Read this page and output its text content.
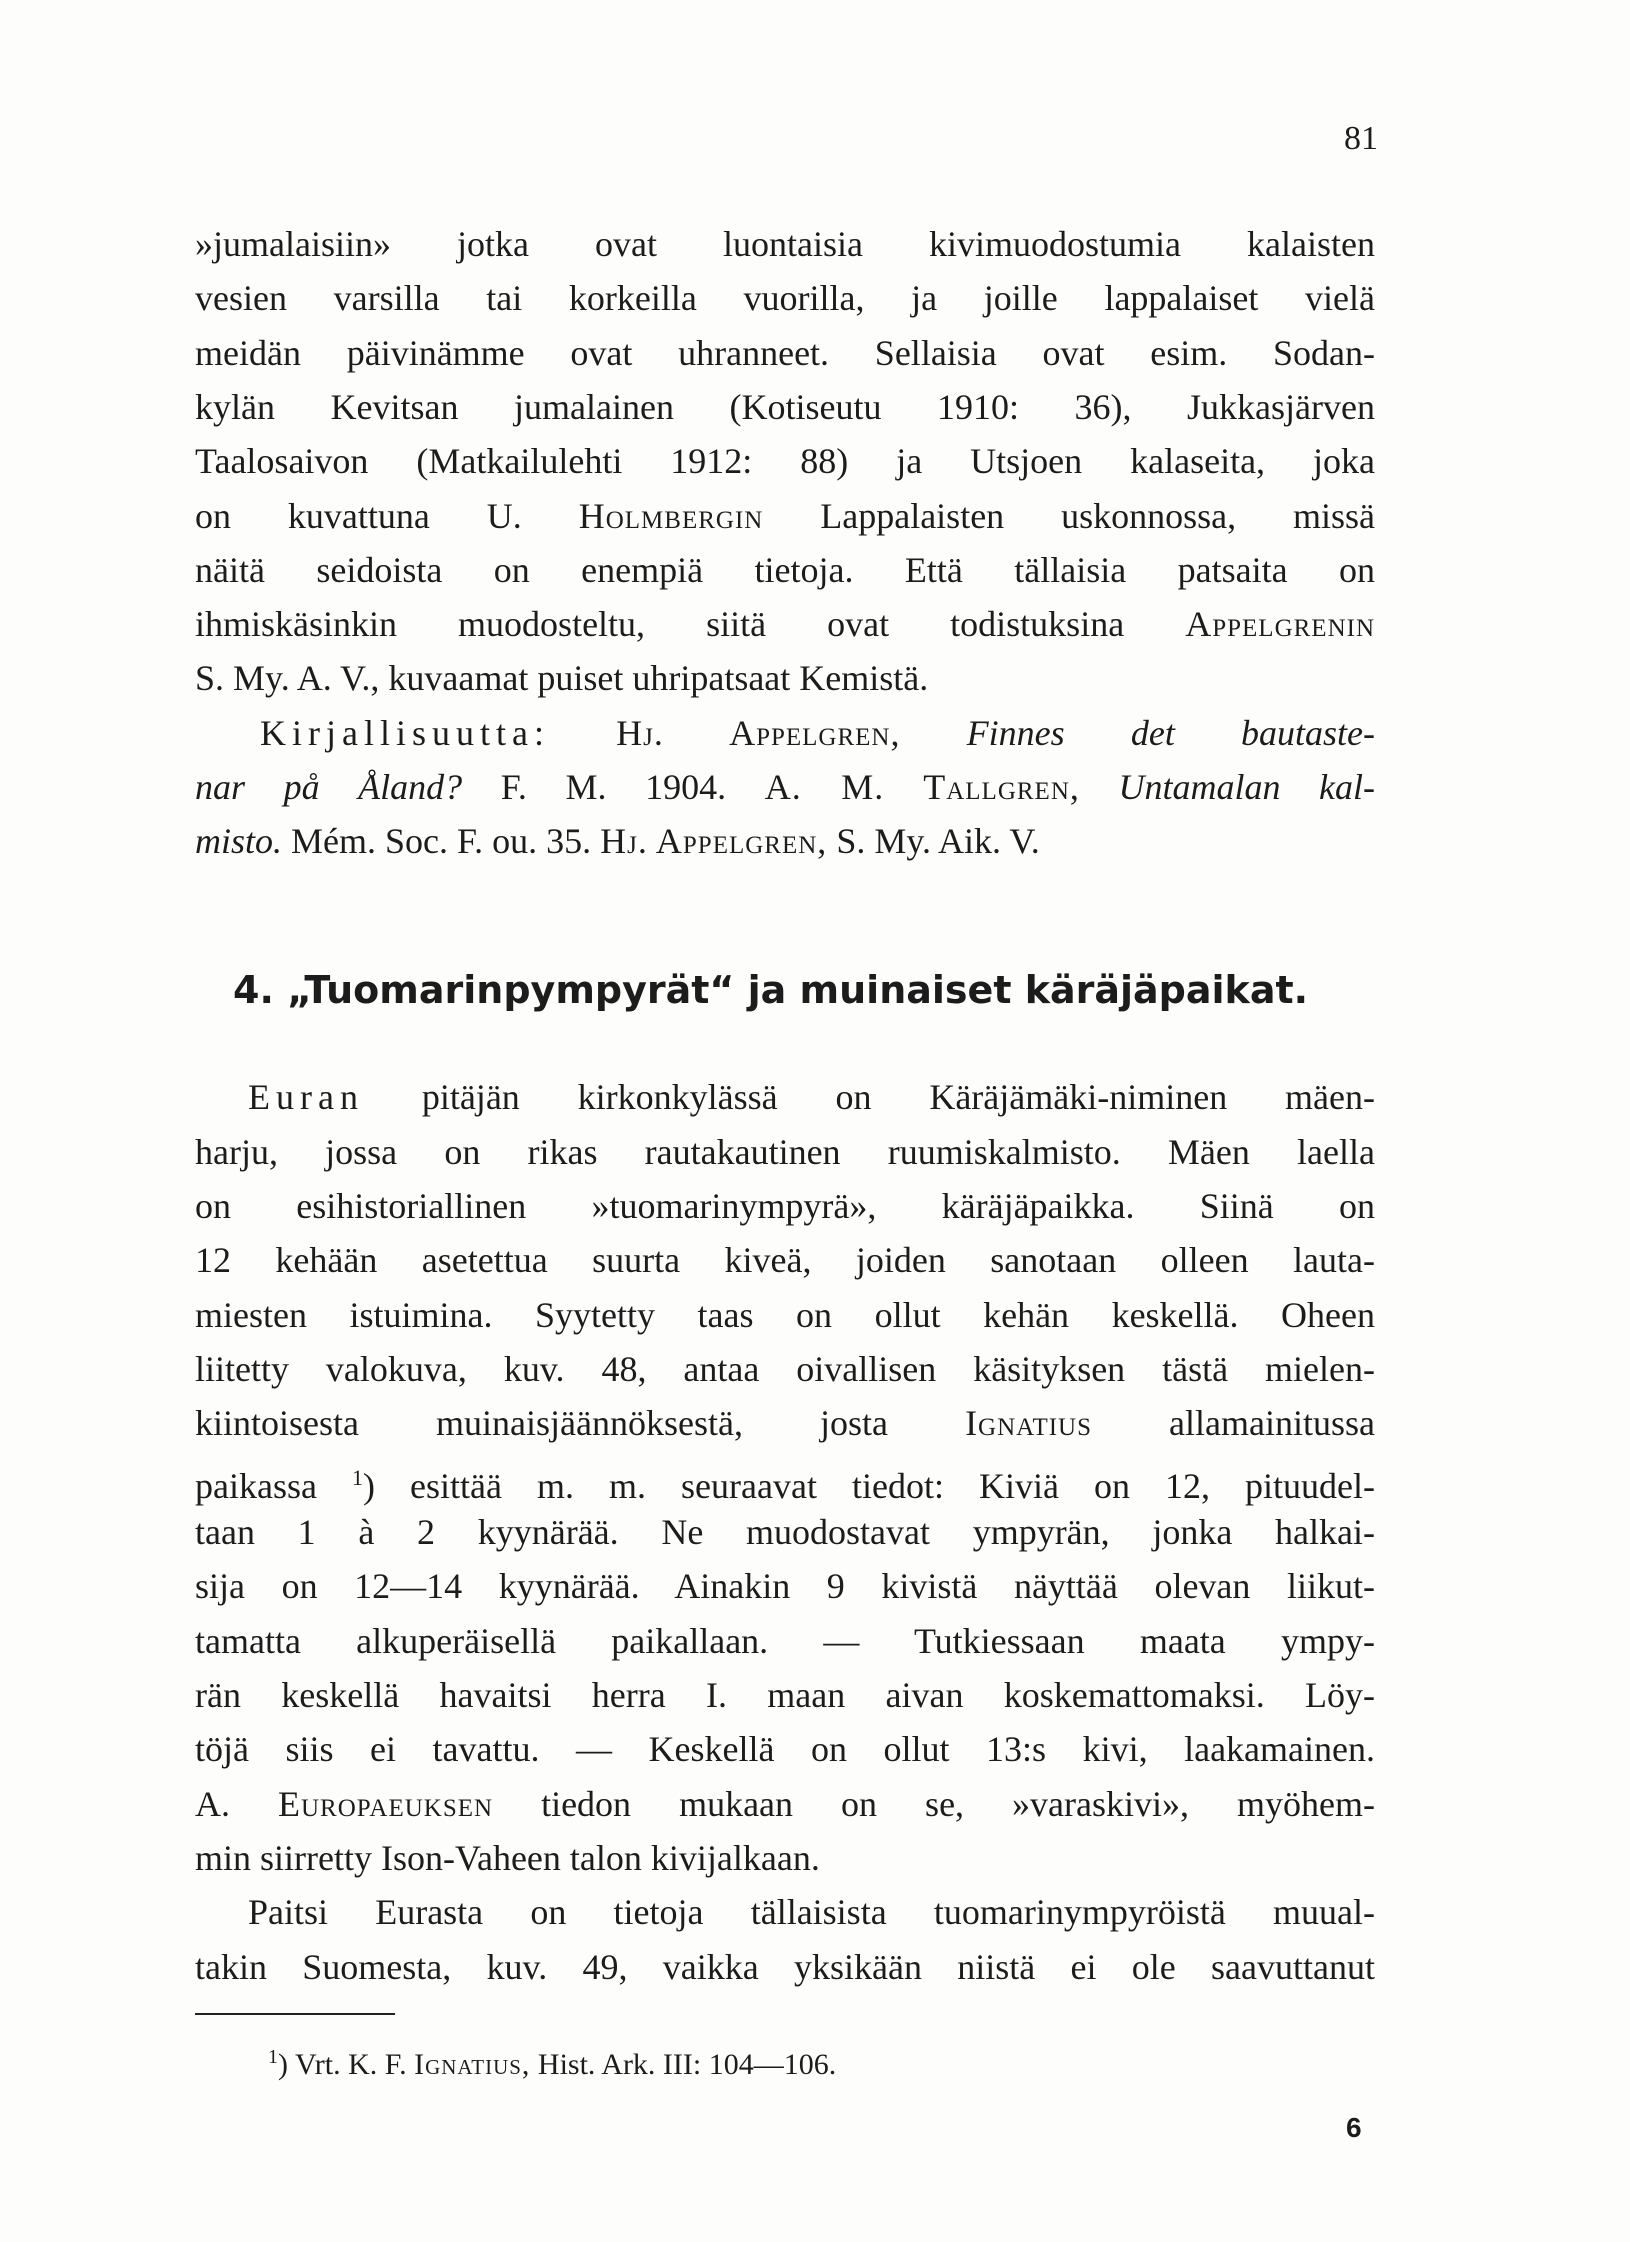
81
»jumalaisiin» jotka ovat luontaisia kivimuodostumia kalaisten
vesien varsilla tai korkeilla vuorilla, ja joille lappalaiset vielä
meidän päivinämme ovat uhranneet. Sellaisia ovat esim. Sodan-
kylän Kevitsan jumalainen (Kotiseutu 1910: 36), Jukkasjärven
Taalosaivon (Matkailulehti 1912: 88) ja Utsjoen kalaseita, joka
on kuvattuna U. Holmbergin Lappalaisten uskonnossa, missä
näitä seidoista on enempiä tietoja. Että tällaisia patsaita on
ihmiskäsinkin muodosteltu, siitä ovat todistuksina Appelgrenin
S. My. A. V., kuvaamat puiset uhripatsaat Kemistä.
Kirjallisuutta: Hj. Appelgren, Finnes det bautaste-
nar på Åland? F. M. 1904. A. M. Tallgren, Untamalan kal-
misto. Mém. Soc. F. ou. 35. Hj. Appelgren, S. My. Aik. V.
4. „Tuomarinpympyrät“ ja muinaiset käräjäpaikat.
Euran pitäjän kirkonkylässä on Käräjämäki-niminen mäen-
harju, jossa on rikas rautakautinen ruumiskalmisto. Mäen laella
on esihistoriallinen »tuomarinympyrä», käräjäpaikka. Siinä on
12 kehään asetettua suurta kiveä, joiden sanotaan olleen lauta-
miesten istuimina. Syytetty taas on ollut kehän keskellä. Oheen
liitetty valokuva, kuv. 48, antaa oivallisen käsityksen tästä mielen-
kiintoisesta muinaisjäännöksestä, josta Ignatius allamainitussa
paikassa $^1$) esittää m. m. seuraavat tiedot: Kiviä on 12, pituudel-
taan 1 à 2 kyynärää. Ne muodostavat ympyrän, jonka halkai-
sija on 12—14 kyynärää. Ainakin 9 kivistä näyttää olevan liikut-
tamatta alkuperäisellä paikallaan. — Tutkiessaan maata ympy-
rän keskellä havaitsi herra I. maan aivan koskemattomaksi. Löy-
töjä siis ei tavattu. — Keskellä on ollut 13:s kivi, laakamainen.
A. Europaeuksen tiedon mukaan on se, »varaskivi», myöhem-
min siirretty Ison-Vaheen talon kivijalkaan.
Paitsi Eurasta on tietoja tällaisista tuomarinympyröistä muual-
takin Suomesta, kuv. 49, vaikka yksikään niistä ei ole saavuttanut
$^1$) Vrt. K. F. Ignatius, Hist. Ark. III: 104—106.
6
